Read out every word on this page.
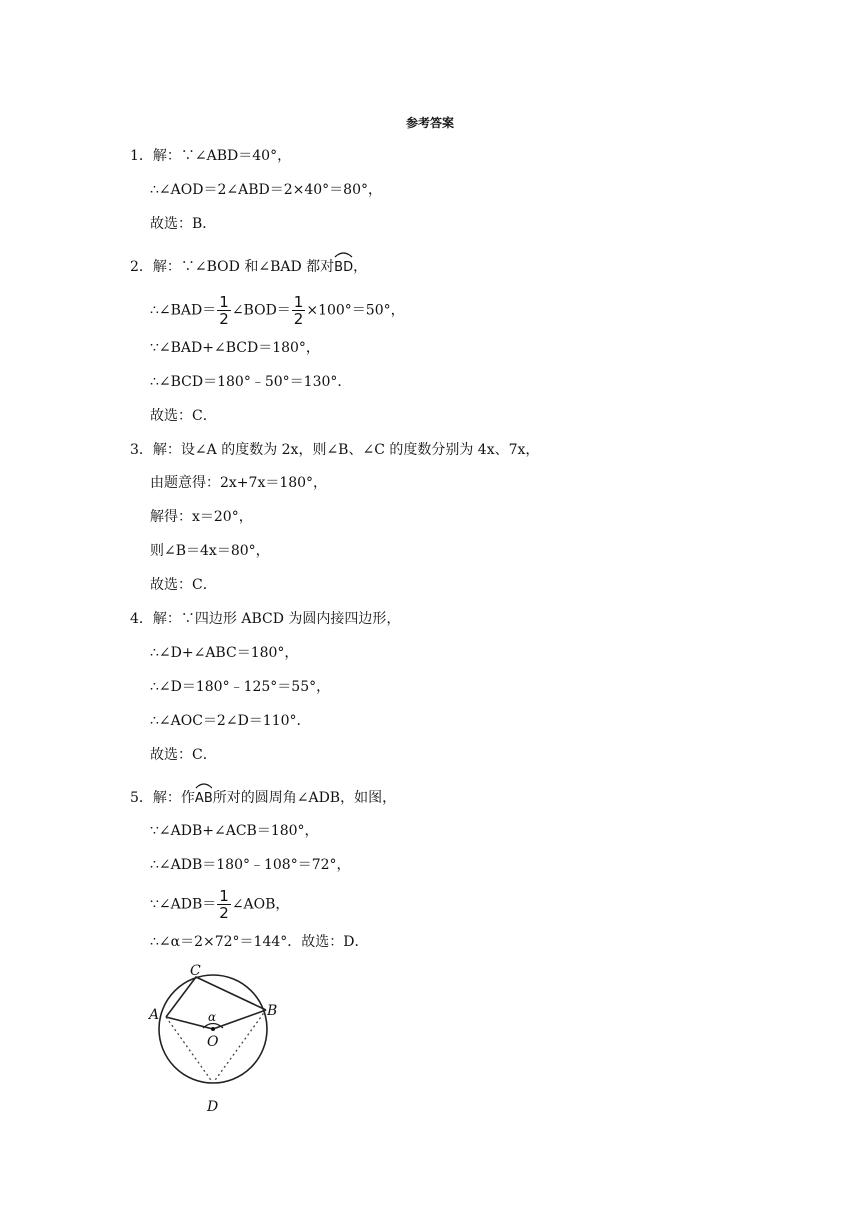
参考答案
1．解：∵∠ABD＝40°，
∴∠AOD＝2∠ABD＝2×40°＝80°，
故选：B．
2．解：∵∠BOD 和∠BAD 都对
BD，
∴∠BAD＝ $\frac{1}{2}$ ∠BOD＝ $\frac{1}{2} \times 100^\circ=50^\circ$，
∵∠BAD+∠BCD＝180°，
∴∠BCD＝180°﹣50°＝130°．
故选：C．
3．解：设∠A 的度数为 2x，则∠B、∠C 的度数分别为 4x、7x，
由题意得：2x+7x＝180°，
解得：x＝20°，
则∠B＝4x＝80°，
故选：C．
4．解：∵四边形 ABCD 为圆内接四边形，
∴∠D+∠ABC＝180°，
∴∠D＝180°﹣125°＝55°，
∴∠AOC＝2∠D＝110°．
故选：C．
5．解：作
AB所对的圆周角∠ADB，如图，
∵∠ADB+∠ACB＝180°，
∴∠ADB＝180°﹣108°＝72°，
∵∠ADB＝ $\frac{1}{2}$ ∠AOB，
∴∠α＝2×72°＝144°．故选：D．
A
C
B
D
O
α
